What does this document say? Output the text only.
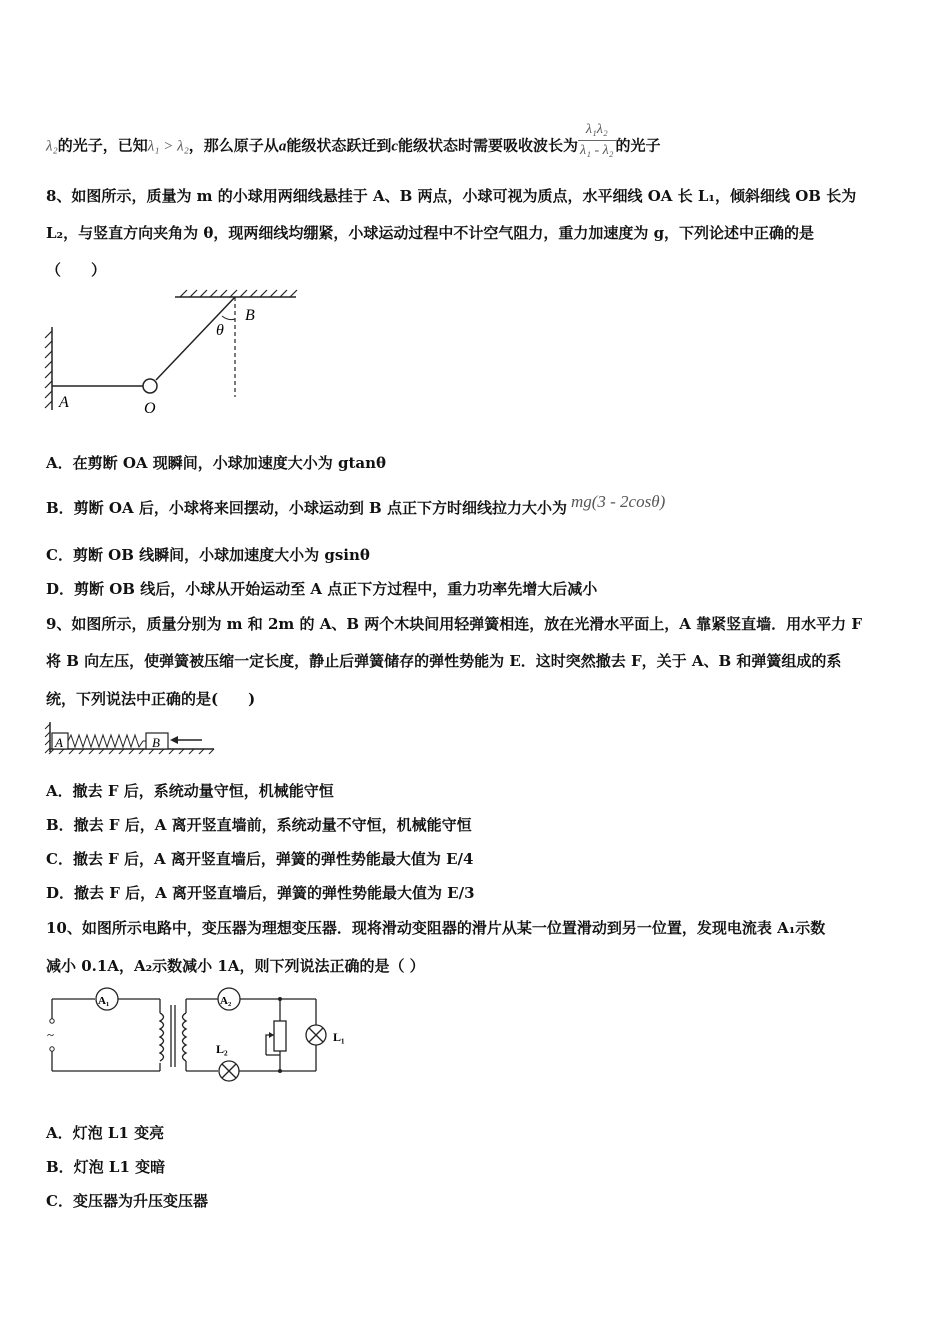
λ₂的光子，已知λ₁ > λ₂，那么原子从a能级状态跃迁到c能级状态时需要吸收波长为 $\frac{\text{λ₁λ₂}}{\text{λ₁ - λ₂}}$ 的光子
8、如图所示，质量为 m 的小球用两细线悬挂于 A、B 两点，小球可视为质点，水平细线 OA 长 L₁，倾斜细线 OB 长为
L₂，与竖直方向夹角为 θ，现两细线均绷紧，小球运动过程中不计空气阻力，重力加速度为 g，下列论述中正确的是
（　　）
B
θ
A	O
A．在剪断 OA 现瞬间，小球加速度大小为 gtanθ
B．剪断 OA 后，小球将来回摆动，小球运动到 B 点正下方时细线拉力大小为 mg(3 - 2cosθ)
C．剪断 OB 线瞬间，小球加速度大小为 gsinθ
D．剪断 OB 线后，小球从开始运动至 A 点正下方过程中，重力功率先增大后减小
9、如图所示，质量分别为 m 和 2m 的 A、B 两个木块间用轻弹簧相连，放在光滑水平面上，A 靠紧竖直墙．用水平力 F
将 B 向左压，使弹簧被压缩一定长度，静止后弹簧储存的弹性势能为 E．这时突然撤去 F，关于 A、B 和弹簧组成的系
统，下列说法中正确的是(　　)
A	B
A．撤去 F 后，系统动量守恒，机械能守恒
B．撤去 F 后，A 离开竖直墙前，系统动量不守恒，机械能守恒
C．撤去 F 后，A 离开竖直墙后，弹簧的弹性势能最大值为 E/4
D．撤去 F 后，A 离开竖直墙后，弹簧的弹性势能最大值为 E/3
10、如图所示电路中，变压器为理想变压器．现将滑动变阻器的滑片从某一位置滑动到另一位置，发现电流表 A₁示数
减小 0.1A，A₂示数减小 1A，则下列说法正确的是（ ）
A₁
~
A₂
L₂
L₁
A．灯泡 L1 变亮
B．灯泡 L1 变暗
C．变压器为升压变压器
